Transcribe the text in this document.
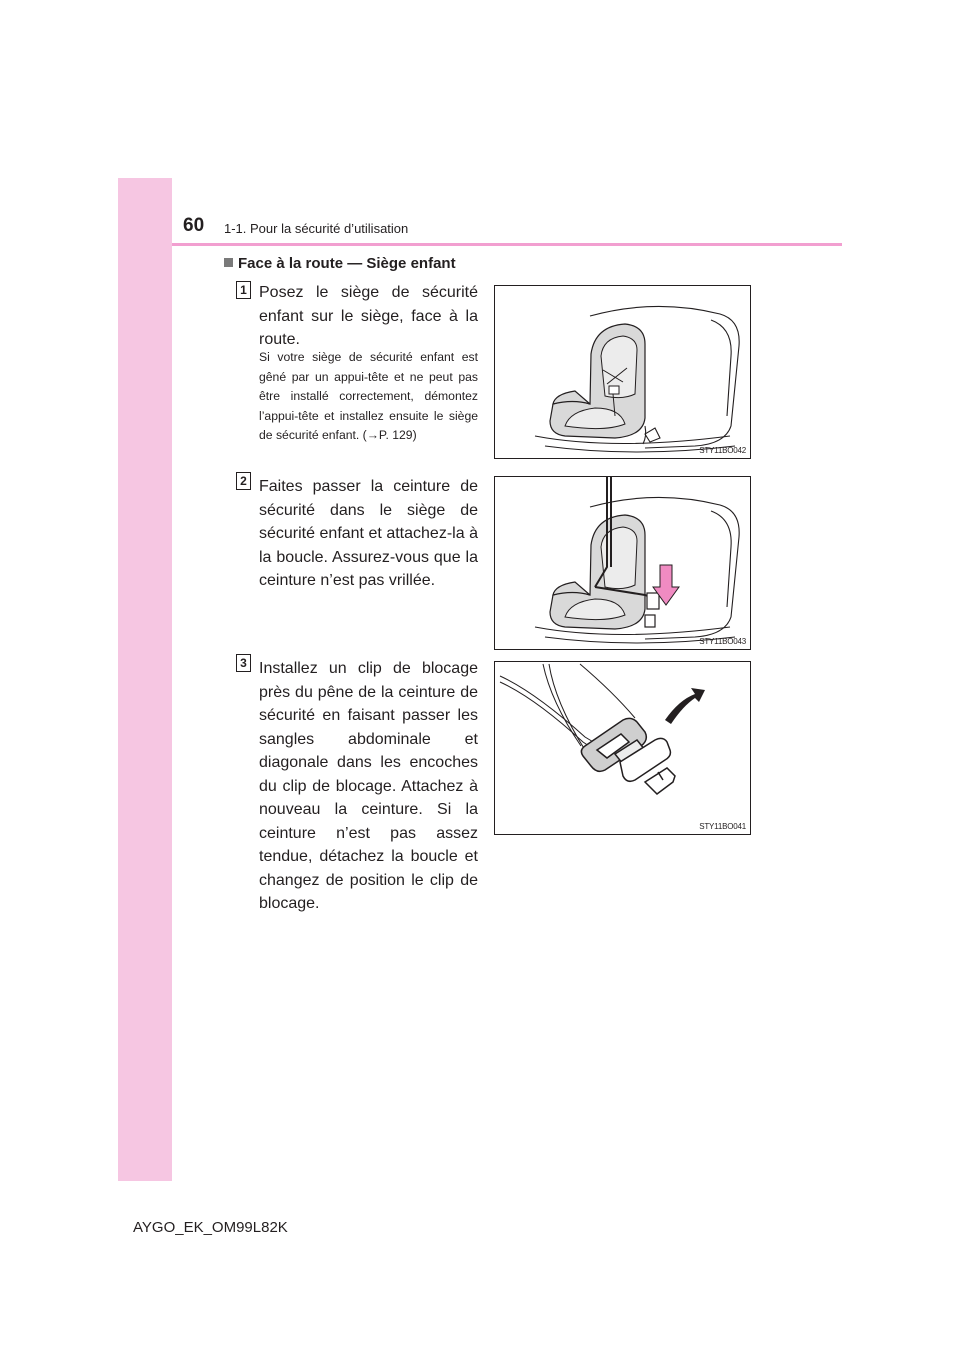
60 1-1. Pour la sécurité d’utilisation
Face à la route — Siège enfant
1 Posez le siège de sécurité enfant sur le siège, face à la route.
Si votre siège de sécurité enfant est gêné par un appui-tête et ne peut pas être installé correctement, démontez l’appui-tête et installez ensuite le siège de sécurité enfant. (→P. 129)
STY11BO042
2 Faites passer la ceinture de sécurité dans le siège de sécurité enfant et attachez-la à la boucle. Assurez-vous que la ceinture n’est pas vrillée.
STY11BO043
3 Installez un clip de blocage près du pêne de la ceinture de sécurité en faisant passer les sangles abdominale et diagonale dans les encoches du clip de blocage. Attachez à nouveau la ceinture. Si la ceinture n’est pas assez tendue, détachez la boucle et changez de position le clip de blocage.
STY11BO041
AYGO_EK_OM99L82K
